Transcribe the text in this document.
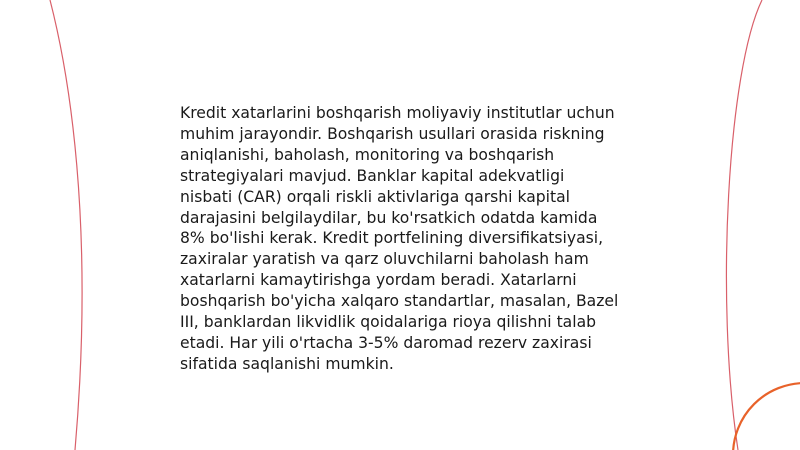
Kredit xatarlarini boshqarish moliyaviy institutlar uchun muhim jarayondir. Boshqarish usullari orasida riskning aniqlanishi, baholash, monitoring va boshqarish strategiyalari mavjud. Banklar kapital adekvatligi nisbati (CAR) orqali riskli aktivlariga qarshi kapital darajasini belgilaydilar, bu ko'rsatkich odatda kamida 8% bo'lishi kerak. Kredit portfelining diversifikatsiyasi, zaxiralar yaratish va qarz oluvchilarni baholash ham xatarlarni kamaytirishga yordam beradi. Xatarlarni boshqarish bo'yicha xalqaro standartlar, masalan, Bazel III, banklardan likvidlik qoidalariga rioya qilishni talab etadi. Har yili o'rtacha 3-5% daromad rezerv zaxirasi sifatida saqlanishi mumkin.
